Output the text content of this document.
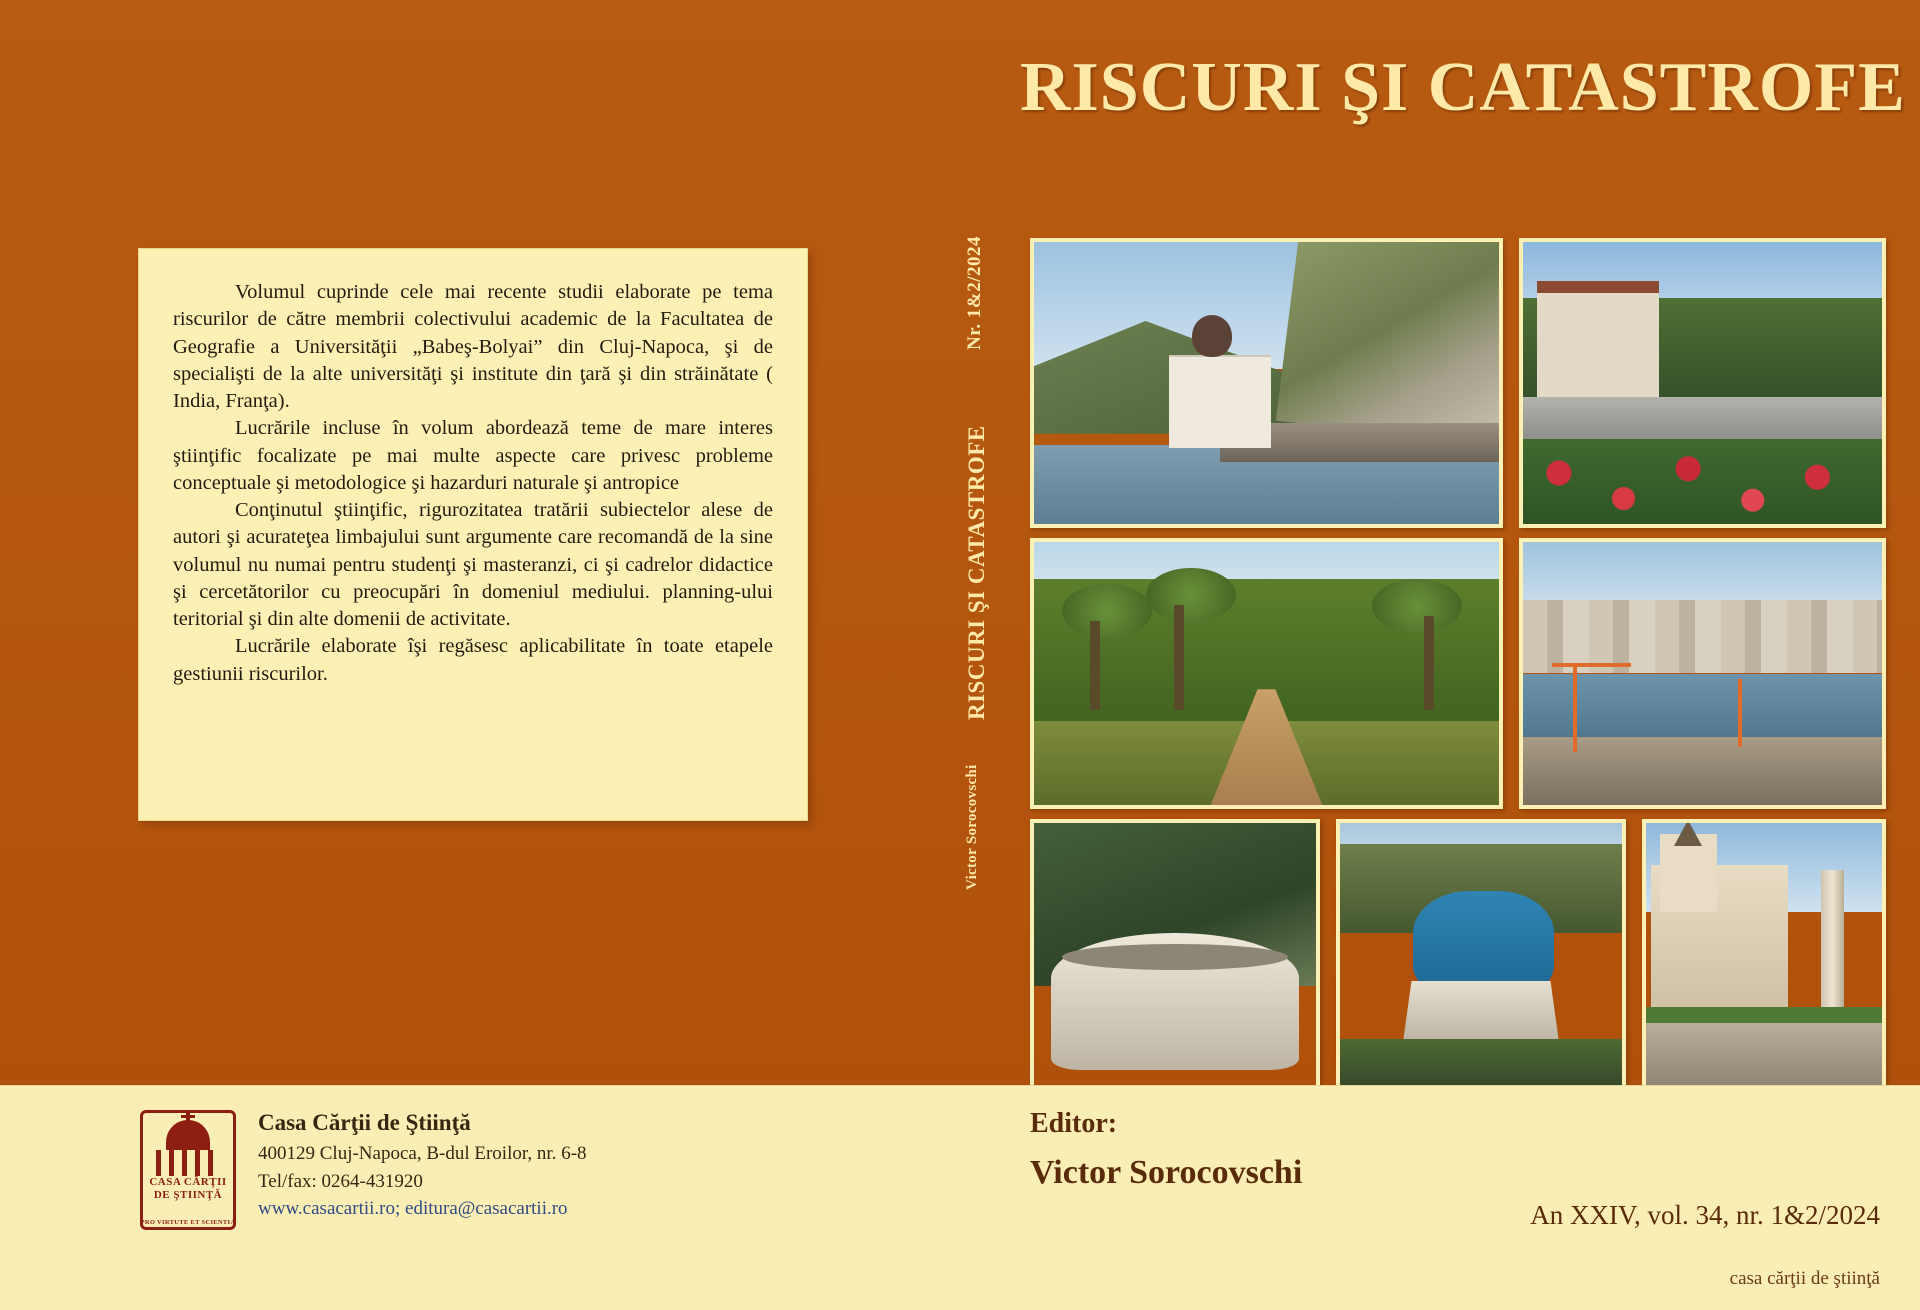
RISCURI ŞI CATASTROFE

Volumul cuprinde cele mai recente studii elaborate pe tema riscurilor de către membrii colectivului academic de la Facultatea de Geografie a Universităţii „Babeş-Bolyai” din Cluj-Napoca, şi de specialişti de la alte universităţi şi institute din ţară şi din străinătate ( India, Franţa).

Lucrările incluse în volum abordează teme de mare interes ştiinţific focalizate pe mai multe aspecte care privesc probleme conceptuale şi metodologice şi hazarduri naturale şi antropice

Conţinutul ştiinţific, rigurozitatea tratării subiectelor alese de autori şi acurateţea limbajului sunt argumente care recomandă de la sine volumul nu numai pentru studenţi şi masteranzi, ci şi cadrelor didactice şi cercetătorilor cu preocupări în domeniul mediului. planning-ului teritorial şi din alte domenii de activitate.

Lucrările elaborate îşi regăsesc aplicabilitate în toate etapele gestiunii riscurilor.

Nr. 1&2/2024
RISCURI ŞI CATASTROFE
Victor Sorocovschi
CASA CĂRŢII DE ŞTIINŢĂ
PRO VIRTUTE ET SCIENTIA
Casa Cărţii de Ştiinţă
400129 Cluj-Napoca, B-dul Eroilor, nr. 6-8
Tel/fax: 0264-431920
www.casacartii.ro; editura@casacartii.ro
Editor:
Victor Sorocovschi
An XXIV, vol. 34, nr. 1&2/2024
casa cărţii de ştiinţă
